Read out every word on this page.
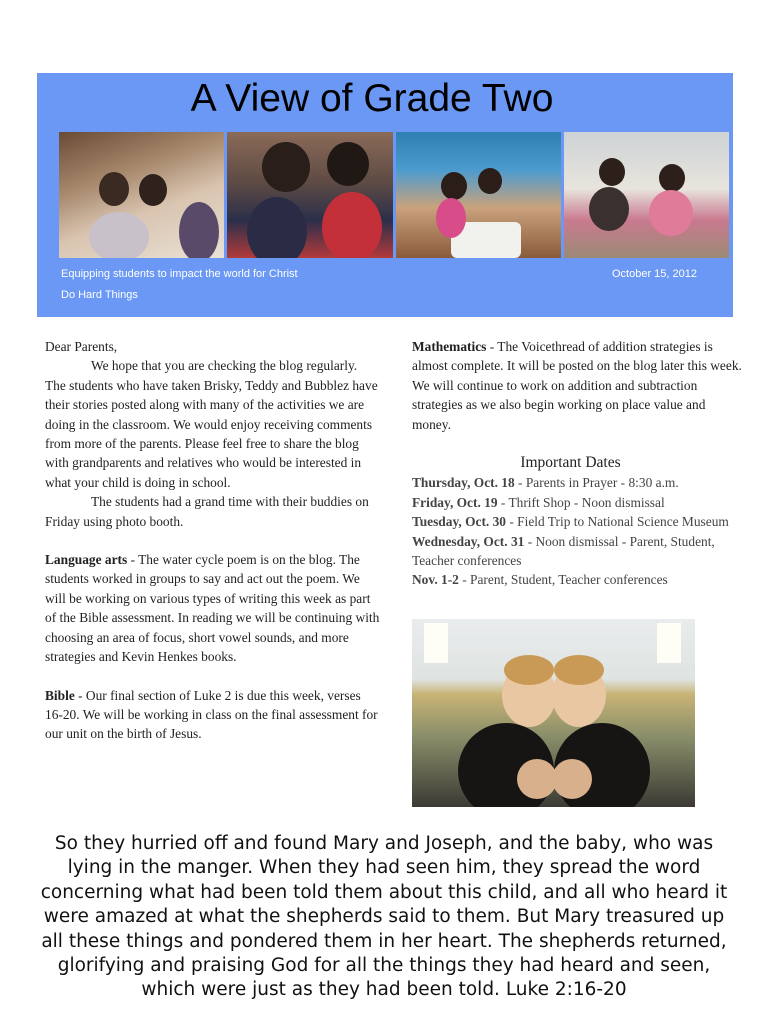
A View of Grade Two
Equipping students to impact the world for Christ	October 15, 2012
Do Hard Things

Dear Parents,

We hope that you are checking the blog regularly. The students who have taken Brisky, Teddy and Bubblez have their stories posted along with many of the activities we are doing in the classroom. We would enjoy receiving comments from more of the parents. Please feel free to share the blog with grandparents and relatives who would be interested in what your child is doing in school.

The students had a grand time with their buddies on Friday using photo booth.

Language arts - The water cycle poem is on the blog. The students worked in groups to say and act out the poem. We will be working on various types of writing this week as part of the Bible assessment. In reading we will be continuing with choosing an area of focus, short vowel sounds, and more strategies and Kevin Henkes books.

Bible - Our final section of Luke 2 is due this week, verses 16-20. We will be working in class on the final assessment for our unit on the birth of Jesus.

Mathematics - The Voicethread of addition strategies is almost complete. It will be posted on the blog later this week. We will continue to work on addition and subtraction strategies as we also begin working on place value and money.

Important Dates

Thursday, Oct. 18 - Parents in Prayer - 8:30 a.m.

Friday, Oct. 19 - Thrift Shop - Noon dismissal

Tuesday, Oct. 30 - Field Trip to National Science Museum

Wednesday, Oct. 31 - Noon dismissal - Parent, Student, Teacher conferences

Nov. 1-2 - Parent, Student, Teacher conferences

So they hurried off and found Mary and Joseph, and the baby, who was lying in the manger. When they had seen him, they spread the word concerning what had been told them about this child, and all who heard it were amazed at what the shepherds said to them. But Mary treasured up all these things and pondered them in her heart. The shepherds returned, glorifying and praising God for all the things they had heard and seen, which were just as they had been told. Luke 2:16-20
